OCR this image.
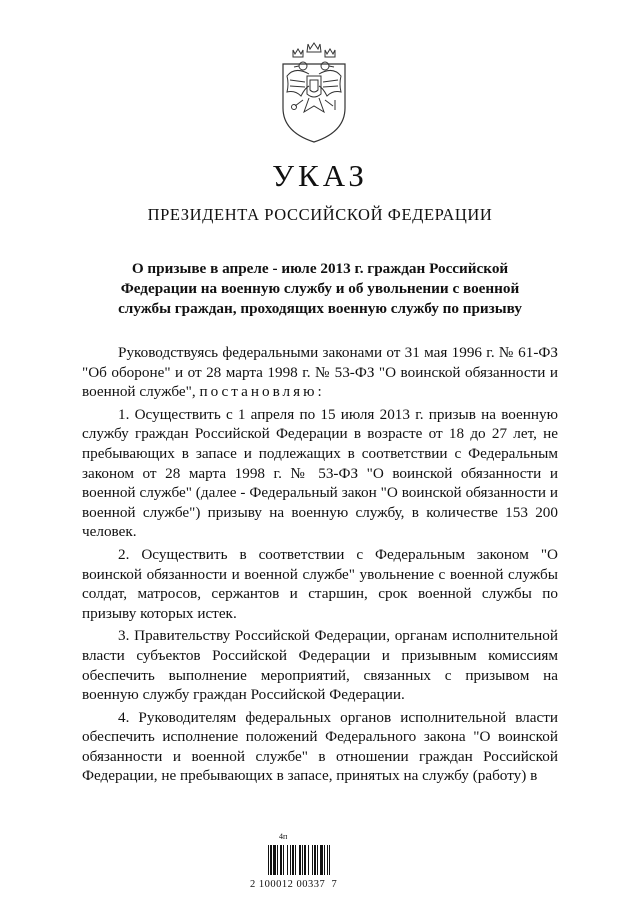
УКАЗ
ПРЕЗИДЕНТА РОССИЙСКОЙ ФЕДЕРАЦИИ
О призыве в апреле - июле 2013 г. граждан Российской Федерации на военную службу и об увольнении с военной службы граждан, проходящих военную службу по призыву

Руководствуясь федеральными законами от 31 мая 1996 г. № 61-ФЗ "Об обороне" и от 28 марта 1998 г. № 53-ФЗ "О воинской обязанности и военной службе", постановляю:

1. Осуществить с 1 апреля по 15 июля 2013 г. призыв на военную службу граждан Российской Федерации в возрасте от 18 до 27 лет, не пребывающих в запасе и подлежащих в соответствии с Федеральным законом от 28 марта 1998 г. № 53-ФЗ "О воинской обязанности и военной службе" (далее - Федеральный закон "О воинской обязанности и военной службе") призыву на военную службу, в количестве 153 200 человек.

2. Осуществить в соответствии с Федеральным законом "О воинской обязанности и военной службе" увольнение с военной службы солдат, матросов, сержантов и старшин, срок военной службы по призыву которых истек.

3. Правительству Российской Федерации, органам исполнительной власти субъектов Российской Федерации и призывным комиссиям обеспечить выполнение мероприятий, связанных с призывом на военную службу граждан Российской Федерации.

4. Руководителям федеральных органов исполнительной власти обеспечить исполнение положений Федерального закона "О воинской обязанности и военной службе" в отношении граждан Российской Федерации, не пребывающих в запасе, принятых на службу (работу) в

4п
2 100012 00337  7
